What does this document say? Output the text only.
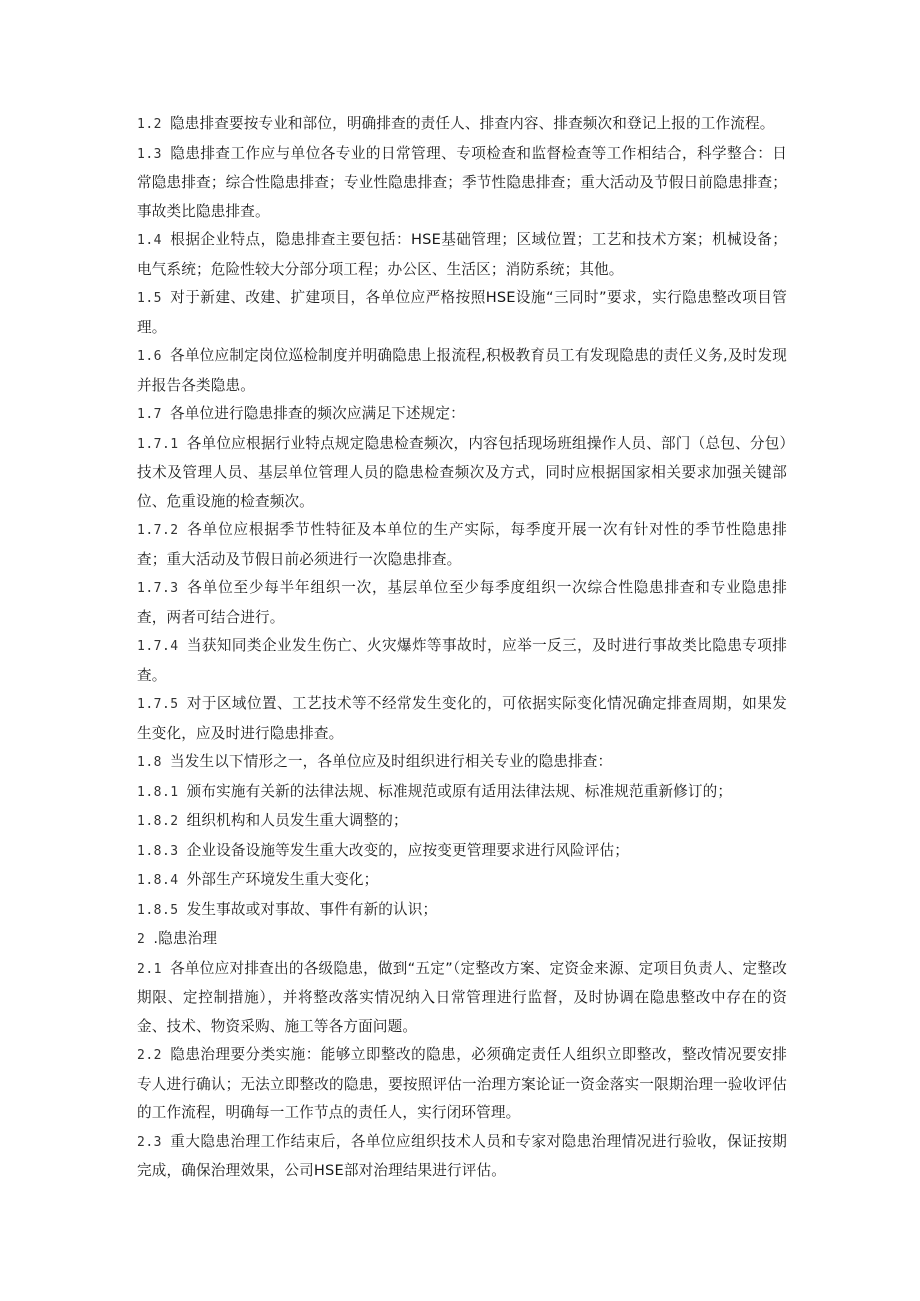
1.2 隐患排查要按专业和部位，明确排查的责任人、排查内容、排查频次和登记上报的工作流程。

1.3 隐患排查工作应与单位各专业的日常管理、专项检查和监督检查等工作相结合，科学整合：日常隐患排查；综合性隐患排查；专业性隐患排查；季节性隐患排查；重大活动及节假日前隐患排查；事故类比隐患排查。

1.4 根据企业特点，隐患排查主要包括：HSE基础管理；区域位置；工艺和技术方案；机械设备；电气系统；危险性较大分部分项工程；办公区、生活区；消防系统；其他。

1.5 对于新建、改建、扩建项目，各单位应严格按照HSE设施“三同时”要求，实行隐患整改项目管理。

1.6 各单位应制定岗位巡检制度并明确隐患上报流程,积极教育员工有发现隐患的责任义务,及时发现并报告各类隐患。

1.7 各单位进行隐患排查的频次应满足下述规定：

1.7.1 各单位应根据行业特点规定隐患检查频次，内容包括现场班组操作人员、部门（总包、分包）技术及管理人员、基层单位管理人员的隐患检查频次及方式，同时应根据国家相关要求加强关键部位、危重设施的检查频次。

1.7.2 各单位应根据季节性特征及本单位的生产实际，每季度开展一次有针对性的季节性隐患排查；重大活动及节假日前必须进行一次隐患排查。

1.7.3 各单位至少每半年组织一次，基层单位至少每季度组织一次综合性隐患排查和专业隐患排查，两者可结合进行。

1.7.4 当获知同类企业发生伤亡、火灾爆炸等事故时，应举一反三，及时进行事故类比隐患专项排查。

1.7.5 对于区域位置、工艺技术等不经常发生变化的，可依据实际变化情况确定排查周期，如果发生变化，应及时进行隐患排查。

1.8 当发生以下情形之一，各单位应及时组织进行相关专业的隐患排查：

1.8.1 颁布实施有关新的法律法规、标准规范或原有适用法律法规、标准规范重新修订的；

1.8.2 组织机构和人员发生重大调整的；

1.8.3 企业设备设施等发生重大改变的，应按变更管理要求进行风险评估；

1.8.4 外部生产环境发生重大变化；

1.8.5 发生事故或对事故、事件有新的认识；

2 .隐患治理

2.1 各单位应对排查出的各级隐患，做到“五定”（定整改方案、定资金来源、定项目负责人、定整改期限、定控制措施），并将整改落实情况纳入日常管理进行监督，及时协调在隐患整改中存在的资金、技术、物资采购、施工等各方面问题。

2.2 隐患治理要分类实施：能够立即整改的隐患，必须确定责任人组织立即整改，整改情况要安排专人进行确认；无法立即整改的隐患，要按照评估一治理方案论证一资金落实一限期治理一验收评估的工作流程，明确每一工作节点的责任人，实行闭环管理。

2.3 重大隐患治理工作结束后，各单位应组织技术人员和专家对隐患治理情况进行验收，保证按期完成，确保治理效果，公司HSE部对治理结果进行评估。
